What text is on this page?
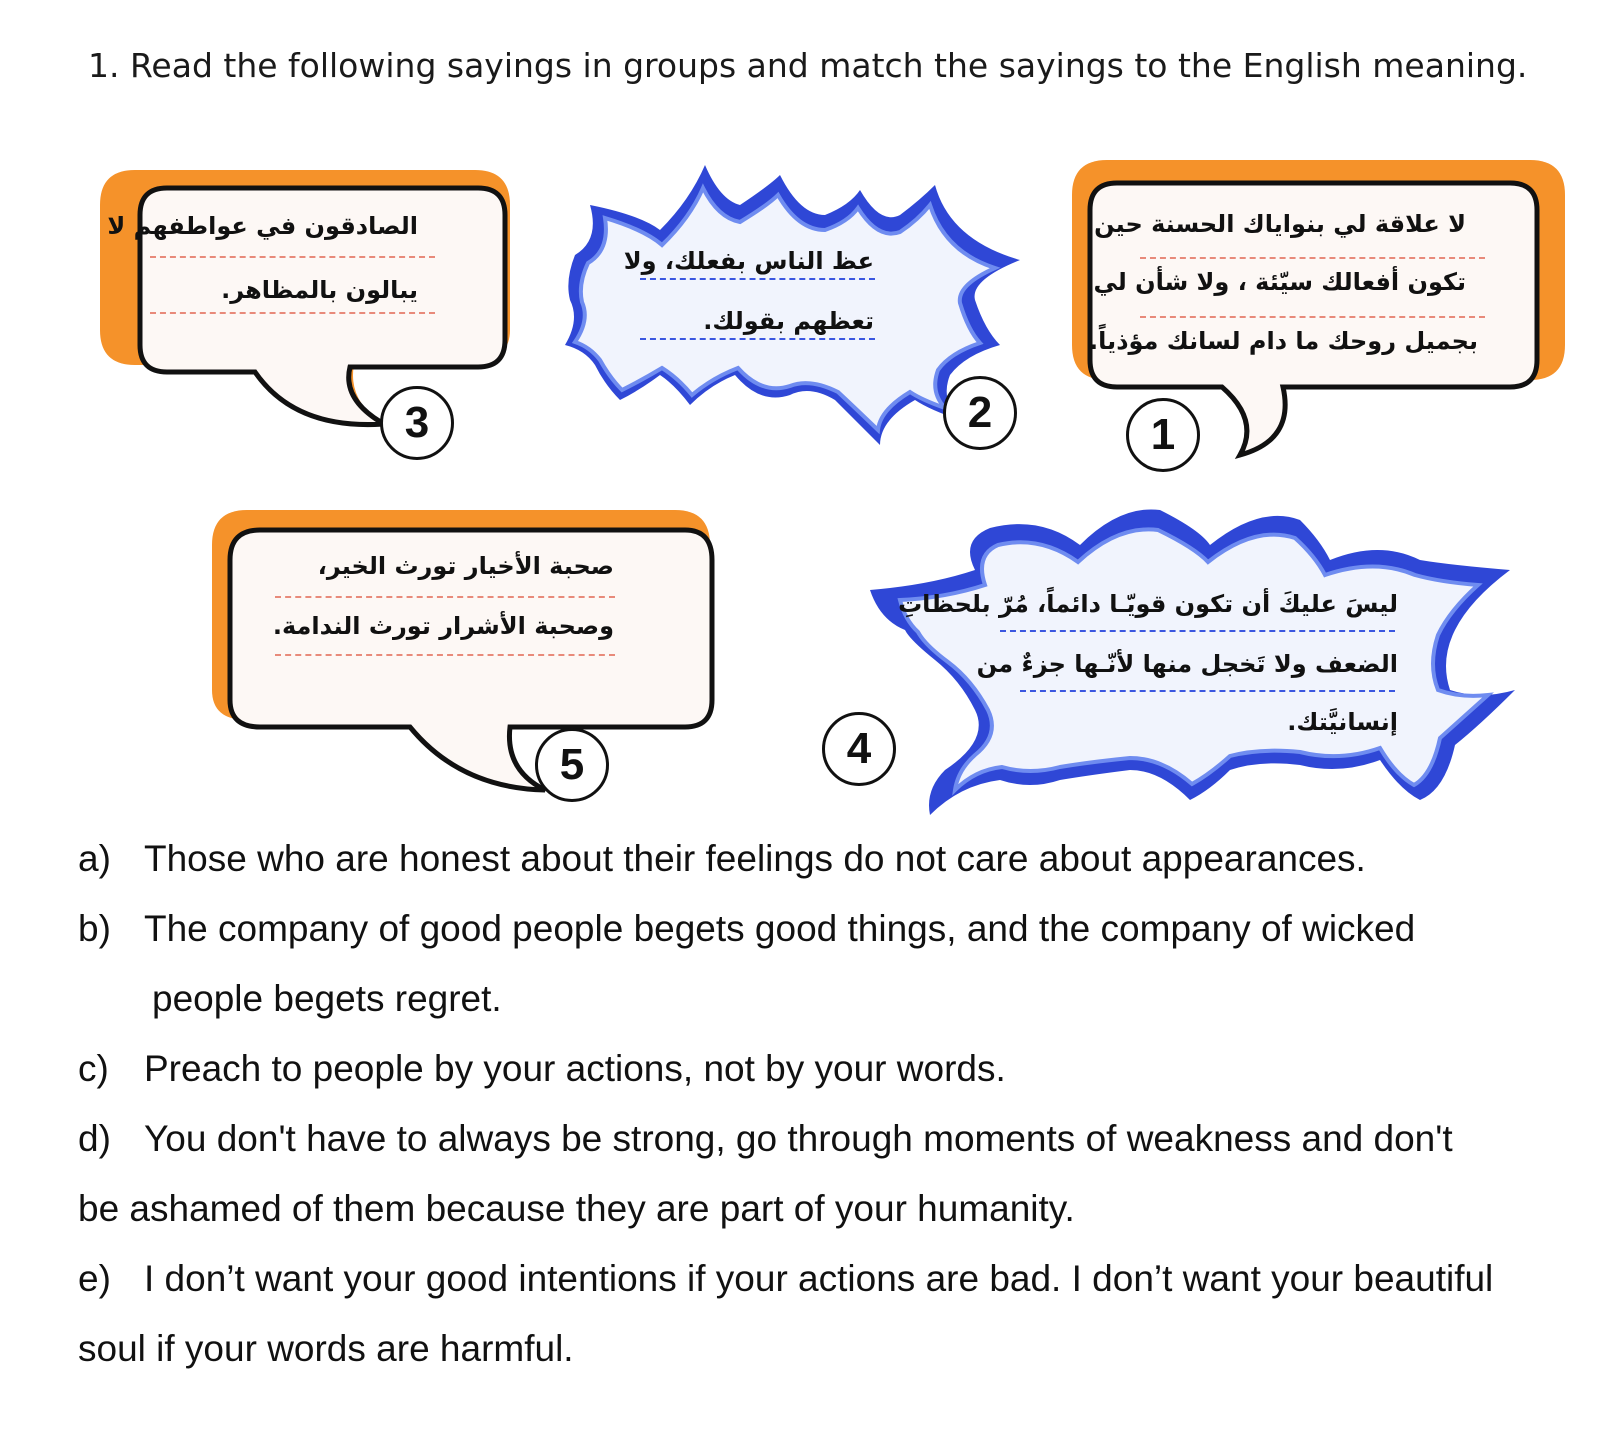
1. Read the following sayings in groups and match the sayings to the English meaning.
الصادقون في عواطفهم لا
يبالون بالمظاهر.
عظ الناس بفعلك، ولا
تعظهم بقولك.
لا علاقة لي بنواياك الحسنة حين
تكون أفعالك سيّئة ، ولا شأن لي
بجميل روحك ما دام لسانك مؤذياً.
صحبة الأخيار تورث الخير،
وصحبة الأشرار تورث الندامة.
ليسَ عليكَ أن تكون قويّـا دائماً، مُرّ بلحظاتِ
الضعف ولا تَخجل منها لأنّـها جزءٌ من
إنسانيَّتك.
3	2	1
5	4
a) Those who are honest about their feelings do not care about appearances.
b) The company of good people begets good things, and the company of wicked
people begets regret.
c) Preach to people by your actions, not by your words.
d) You don't have to always be strong, go through moments of weakness and don't
be ashamed of them because they are part of your humanity.
e) I don’t want your good intentions if your actions are bad. I don’t want your beautiful
soul if your words are harmful.
